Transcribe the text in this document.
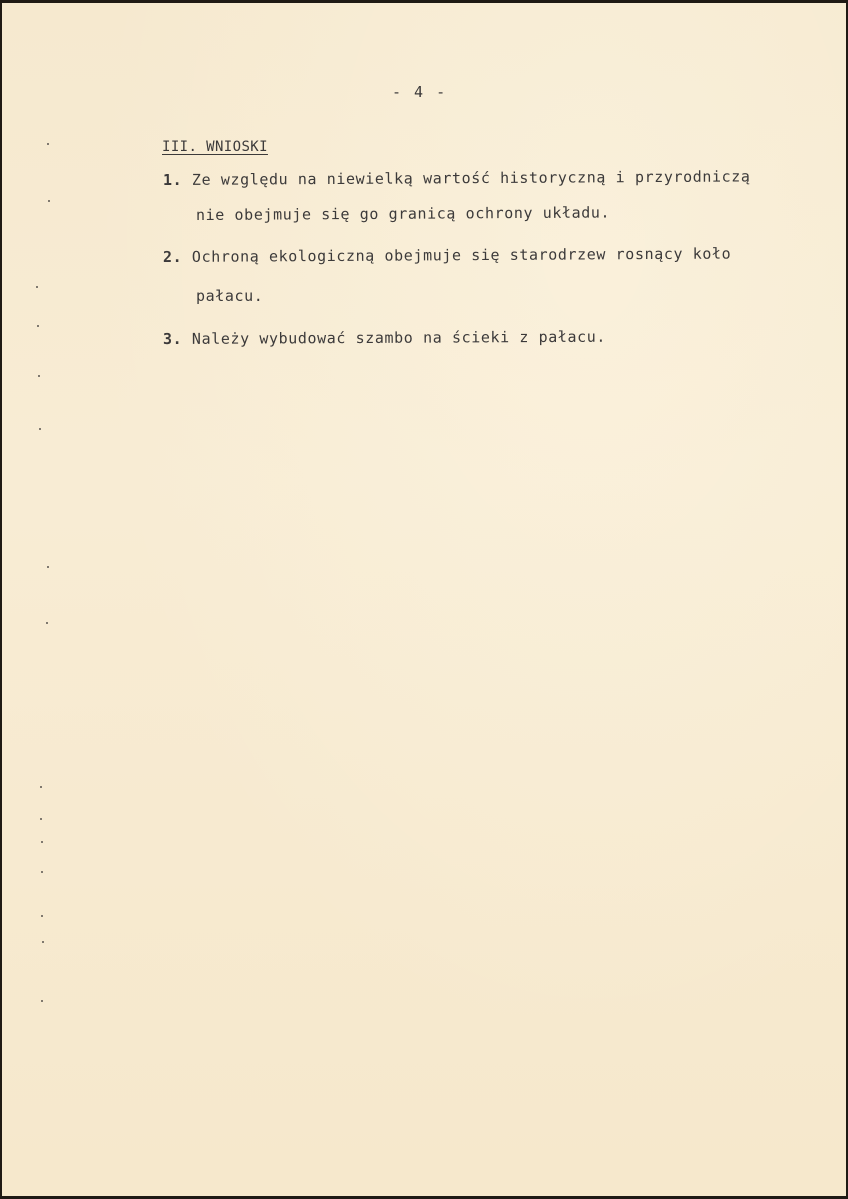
- 4 -
III. WNIOSKI
1. Ze względu na niewielką wartość historyczną i przyrodniczą
nie obejmuje się go granicą ochrony układu.
2. Ochroną ekologiczną obejmuje się starodrzew rosnący koło
pałacu.
3. Należy wybudować szambo na ścieki z pałacu.
